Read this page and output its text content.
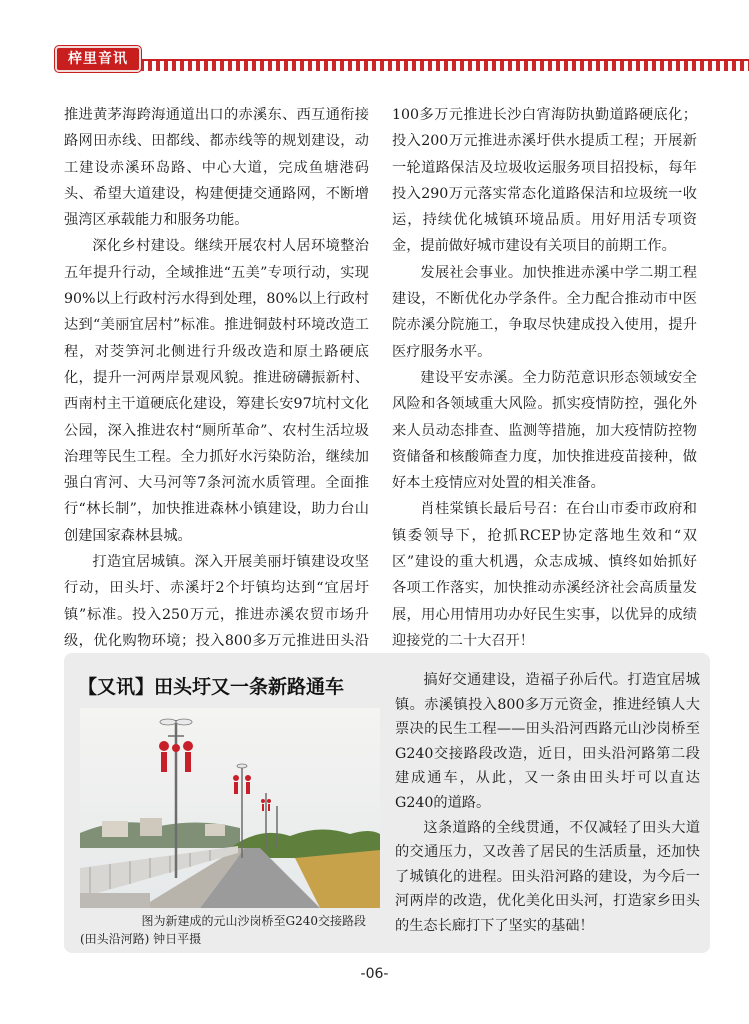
梓里音讯

推进黄茅海跨海通道出口的赤溪东、西互通衔接路网田赤线、田都线、都赤线等的规划建设，动工建设赤溪环岛路、中心大道，完成鱼塘港码头、希望大道建设，构建便捷交通路网，不断增强湾区承载能力和服务功能。

深化乡村建设。继续开展农村人居环境整治五年提升行动，全域推进“五美”专项行动，实现90%以上行政村污水得到处理，80%以上行政村达到“美丽宜居村”标准。推进铜鼓村环境改造工程，对茭笋河北侧进行升级改造和原土路硬底化，提升一河两岸景观风貌。推进磅礴振新村、西南村主干道硬底化建设，筹建长安97坑村文化公园，深入推进农村“厕所革命”、农村生活垃圾治理等民生工程。全力抓好水污染防治，继续加强白宵河、大马河等7条河流水质管理。全面推行“林长制”，加快推进森林小镇建设，助力台山创建国家森林县城。

打造宜居城镇。深入开展美丽圩镇建设攻坚行动，田头圩、赤溪圩2个圩镇均达到“宜居圩镇”标准。投入250万元，推进赤溪农贸市场升级，优化购物环境；投入800多万元推进田头沿

100多万元推进长沙白宵海防执勤道路硬底化；投入200万元推进赤溪圩供水提质工程；开展新一轮道路保洁及垃圾收运服务项目招投标，每年投入290万元落实常态化道路保洁和垃圾统一收运，持续优化城镇环境品质。用好用活专项资金，提前做好城市建设有关项目的前期工作。

发展社会事业。加快推进赤溪中学二期工程建设，不断优化办学条件。全力配合推动市中医院赤溪分院施工，争取尽快建成投入使用，提升医疗服务水平。

建设平安赤溪。全力防范意识形态领域安全风险和各领域重大风险。抓实疫情防控，强化外来人员动态排查、监测等措施，加大疫情防控物资储备和核酸筛查力度，加快推进疫苗接种，做好本土疫情应对处置的相关准备。

肖桂棠镇长最后号召：在台山市委市政府和镇委领导下，抢抓RCEP协定落地生效和“双区”建设的重大机遇，众志成城、慎终如始抓好各项工作落实，加快推动赤溪经济社会高质量发展，用心用情用功办好民生实事，以优异的成绩迎接党的二十大召开！

【又讯】田头圩又一条新路通车
图为新建成的元山沙岗桥至G240交接路段
(田头沿河路) 钟日平摄

搞好交通建设，造福子孙后代。打造宜居城镇。赤溪镇投入800多万元资金，推进经镇人大票决的民生工程——田头沿河西路元山沙岗桥至G240交接路段改造，近日，田头沿河路第二段建成通车，从此，又一条由田头圩可以直达G240的道路。

这条道路的全线贯通，不仅减轻了田头大道的交通压力，又改善了居民的生活质量，还加快了城镇化的进程。田头沿河路的建设，为今后一河两岸的改造，优化美化田头河，打造家乡田头的生态长廊打下了坚实的基础！

-06-
